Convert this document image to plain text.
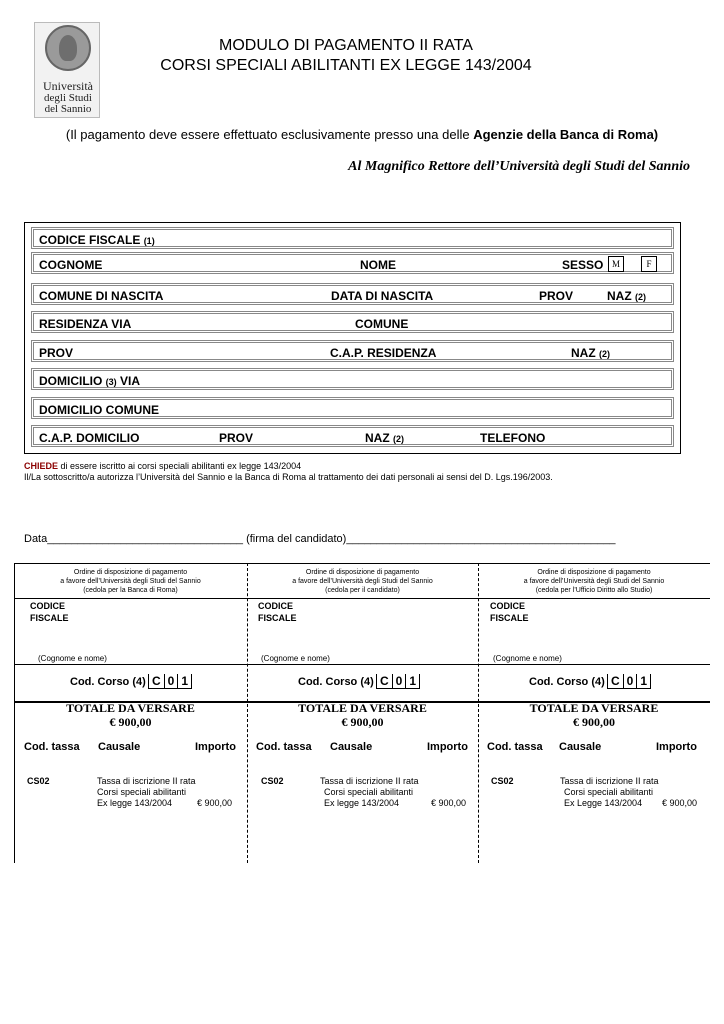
Università
degli Studi
del Sannio
MODULO DI PAGAMENTO II RATA
CORSI SPECIALI ABILITANTI EX LEGGE 143/2004
(Il pagamento deve essere effettuato esclusivamente presso una delle Agenzie della Banca di Roma)
Al Magnifico Rettore dell’Università degli Studi del Sannio
CODICE FISCALE (1)
COGNOME	NOME	SESSO M	F
COMUNE DI NASCITA	DATA DI NASCITA	PROV	NAZ (2)
RESIDENZA VIA	COMUNE
PROV	C.A.P. RESIDENZA	NAZ (2)
DOMICILIO (3) VIA
DOMICILIO COMUNE
C.A.P. DOMICILIO	PROV	NAZ (2)	TELEFONO
CHIEDE di essere iscritto ai corsi speciali abilitanti ex legge 143/2004
Il/La sottoscritto/a autorizza l’Università del Sannio e la Banca di Roma al trattamento dei dati personali ai sensi del D. Lgs.196/2003.
Data________________________________ (firma del candidato)____________________________________________
Ordine di disposizione di pagamento
a favore dell’Università degli Studi del Sannio
(cedola per la Banca di Roma)
CODICE
FISCALE
(Cognome e nome)
Cod. Corso (4) C 0 1
TOTALE DA VERSARE
€ 900,00
Cod. tassa Causale	Importo
CS02	Tassa di iscrizione II rata
Corsi speciali abilitanti
Ex legge 143/2004	€ 900,00
Ordine di disposizione di pagamento
a favore dell’Università degli Studi del Sannio
(cedola per il candidato)
CODICE
FISCALE
(Cognome e nome)
Cod. Corso (4) C 0 1
TOTALE DA VERSARE
€ 900,00
Cod. tassa Causale	Importo
CS02	Tassa di iscrizione II rata
Corsi speciali abilitanti
Ex legge 143/2004	€ 900,00
Ordine di disposizione di pagamento
a favore dell’Università degli Studi del Sannio
(cedola per l’Ufficio Diritto allo Studio)
CODICE
FISCALE
(Cognome e nome)
Cod. Corso (4) C 0 1
TOTALE DA VERSARE
€ 900,00
Cod. tassa Causale	Importo
CS02	Tassa di iscrizione II rata
Corsi speciali abilitanti
Ex Legge 143/2004 € 900,00
